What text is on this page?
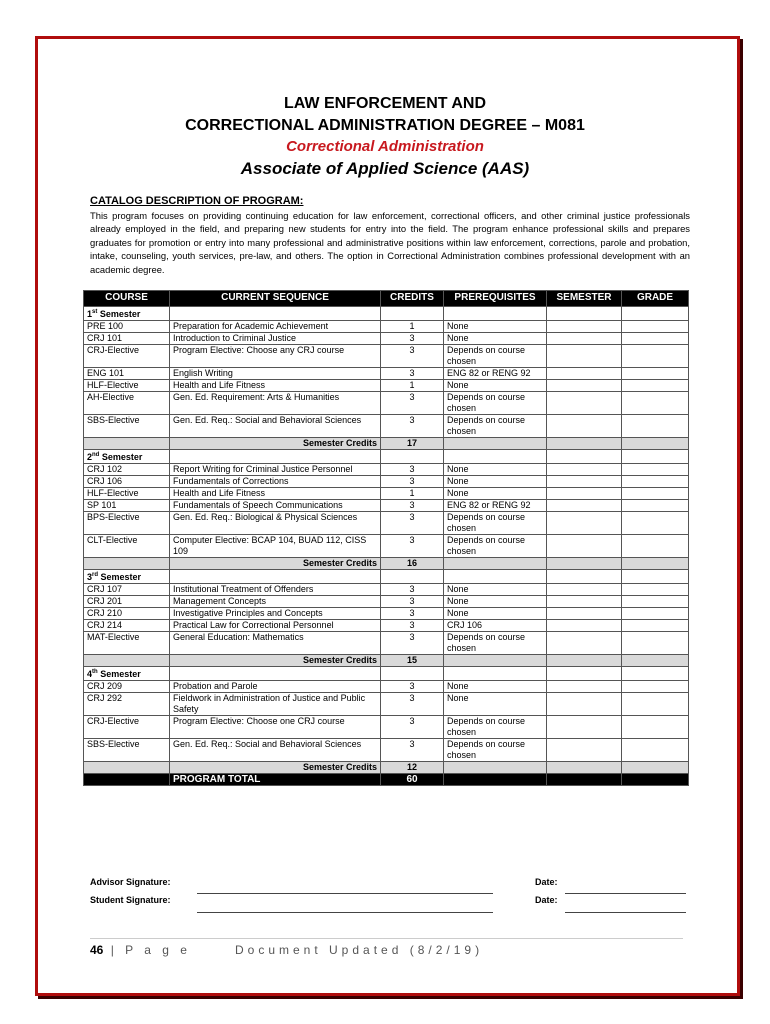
LAW ENFORCEMENT AND
CORRECTIONAL ADMINISTRATION DEGREE – M081
Correctional Administration
Associate of Applied Science (AAS)
CATALOG DESCRIPTION OF PROGRAM:
This program focuses on providing continuing education for law enforcement, correctional officers, and other criminal justice professionals already employed in the field, and preparing new students for entry into the field. The program enhance professional skills and prepares graduates for promotion or entry into many professional and administrative positions within law enforcement, corrections, parole and probation, intake, counseling, youth services, pre-law, and others. The option in Correctional Administration combines professional development with an academic degree.
COURSE	CURRENT SEQUENCE	CREDITS	PREREQUISITES	SEMESTER	GRADE
1st Semester					
PRE 100	Preparation for Academic Achievement	1	None		
CRJ 101	Introduction to Criminal Justice	3	None		
CRJ-Elective	Program Elective: Choose any CRJ course	3	Depends on course chosen		
ENG 101	English Writing	3	ENG 82 or RENG 92		
HLF-Elective	Health and Life Fitness	1	None		
AH-Elective	Gen. Ed. Requirement: Arts & Humanities	3	Depends on course chosen		
SBS-Elective	Gen. Ed. Req.: Social and Behavioral Sciences	3	Depends on course chosen		
	Semester Credits	17			
2nd Semester					
CRJ 102	Report Writing for Criminal Justice Personnel	3	None		
CRJ 106	Fundamentals of Corrections	3	None		
HLF-Elective	Health and Life Fitness	1	None		
SP 101	Fundamentals of Speech Communications	3	ENG 82 or RENG 92		
BPS-Elective	Gen. Ed. Req.: Biological & Physical Sciences	3	Depends on course chosen		
CLT-Elective	Computer Elective: BCAP 104, BUAD 112, CISS 109	3	Depends on course chosen		
	Semester Credits	16			
3rd Semester					
CRJ 107	Institutional Treatment of Offenders	3	None		
CRJ 201	Management Concepts	3	None		
CRJ 210	Investigative Principles and Concepts	3	None		
CRJ 214	Practical Law for Correctional Personnel	3	CRJ 106		
MAT-Elective	General Education: Mathematics	3	Depends on course chosen		
	Semester Credits	15			
4th Semester					
CRJ 209	Probation and Parole	3	None		
CRJ 292	Fieldwork in Administration of Justice and Public Safety	3	None		
CRJ-Elective	Program Elective: Choose one CRJ course	3	Depends on course chosen		
SBS-Elective	Gen. Ed. Req.: Social and Behavioral Sciences	3	Depends on course chosen		
	Semester Credits	12			
	PROGRAM TOTAL	60			
Advisor Signature:	Date:
Student Signature:	Date:
46 | P a g e	Document Updated (8/2/19)
